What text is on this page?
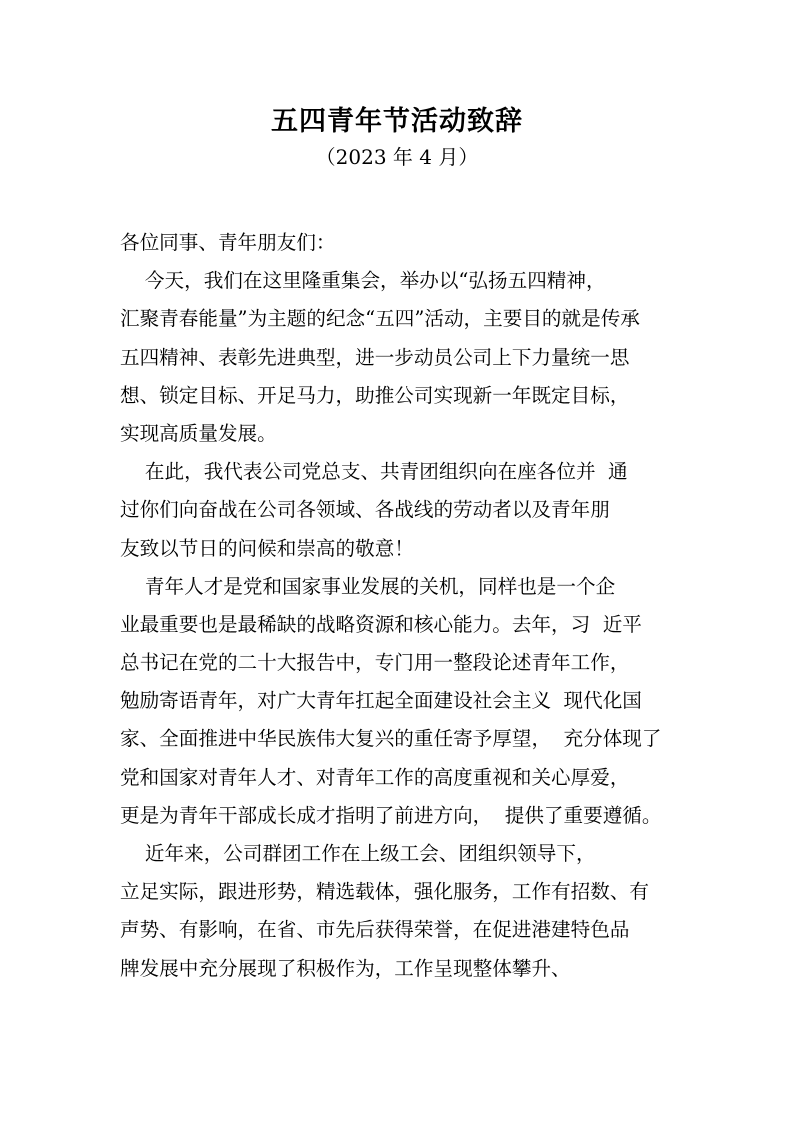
五四青年节活动致辞
（2023 年 4 月）
各位同事、青年朋友们：
今天，我们在这里隆重集会，举办以“弘扬五四精神，
汇聚青春能量”为主题的纪念“五四”活动，主要目的就是传承
五四精神、表彰先进典型，进一步动员公司上下力量统一思
想、锁定目标、开足马力，助推公司实现新一年既定目标，
实现高质量发展。
在此，我代表公司党总支、共青团组织向在座各位并  通
过你们向奋战在公司各领域、各战线的劳动者以及青年朋
友致以节日的问候和崇高的敬意！
青年人才是党和国家事业发展的关机，同样也是一个企
业最重要也是最稀缺的战略资源和核心能力。去年，习  近平
总书记在党的二十大报告中，专门用一整段论述青年工作，
勉励寄语青年，对广大青年扛起全面建设社会主义  现代化国
家、全面推进中华民族伟大复兴的重任寄予厚望，  充分体现了
党和国家对青年人才、对青年工作的高度重视和关心厚爱，
更是为青年干部成长成才指明了前进方向，  提供了重要遵循。
近年来，公司群团工作在上级工会、团组织领导下，
立足实际，跟进形势，精选载体，强化服务，工作有招数、有
声势、有影响，在省、市先后获得荣誉，在促进港建特色品
牌发展中充分展现了积极作为，工作呈现整体攀升、
